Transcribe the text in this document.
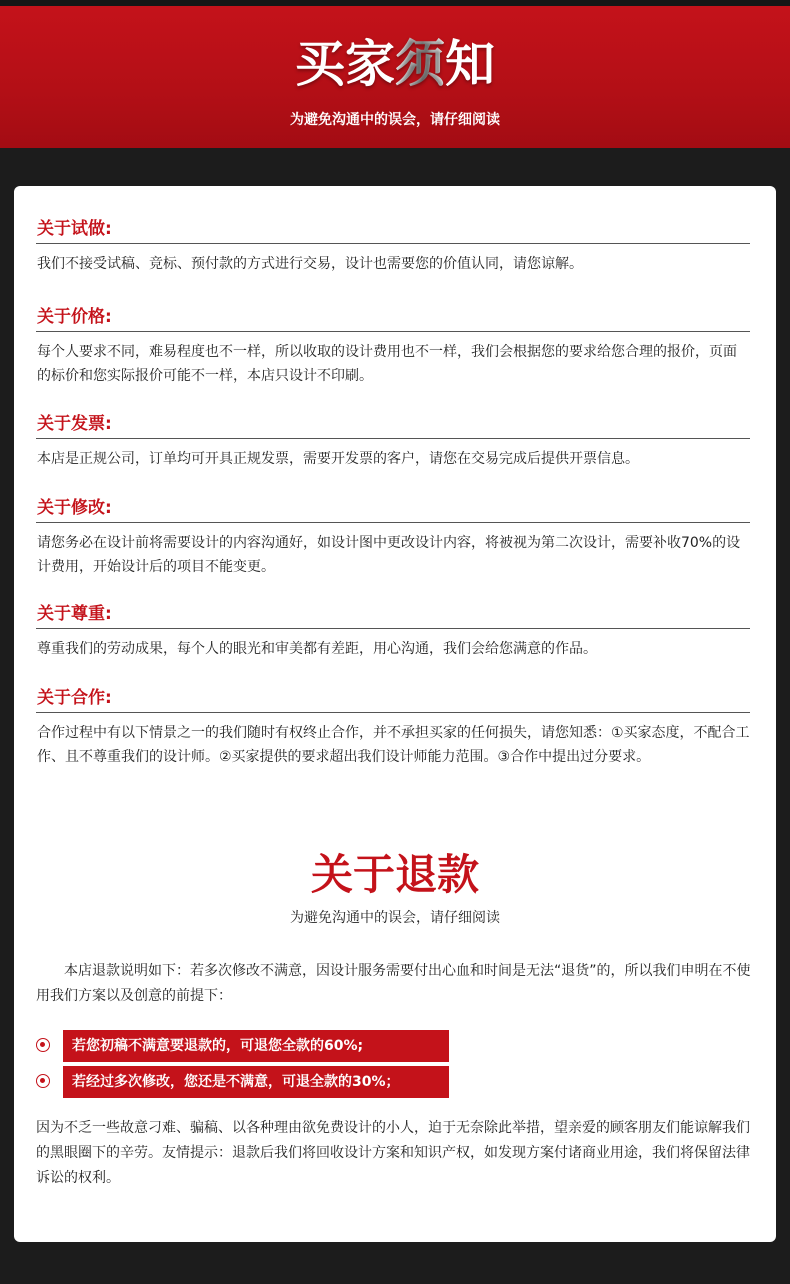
买家须知
为避免沟通中的误会，请仔细阅读
关于试做:
我们不接受试稿、竞标、预付款的方式进行交易，设计也需要您的价值认同，请您谅解。
关于价格:
每个人要求不同，难易程度也不一样，所以收取的设计费用也不一样，我们会根据您的要求给您合理的报价，页面的标价和您实际报价可能不一样，本店只设计不印刷。
关于发票:
本店是正规公司，订单均可开具正规发票，需要开发票的客户，请您在交易完成后提供开票信息。
关于修改:
请您务必在设计前将需要设计的内容沟通好，如设计图中更改设计内容，将被视为第二次设计，需要补收70%的设计费用，开始设计后的项目不能变更。
关于尊重:
尊重我们的劳动成果，每个人的眼光和审美都有差距，用心沟通，我们会给您满意的作品。
关于合作:
合作过程中有以下情景之一的我们随时有权终止合作，并不承担买家的任何损失，请您知悉：①买家态度，不配合工作、且不尊重我们的设计师。②买家提供的要求超出我们设计师能力范围。③合作中提出过分要求。
关于退款
为避免沟通中的误会，请仔细阅读
本店退款说明如下：若多次修改不满意，因设计服务需要付出心血和时间是无法“退货”的，所以我们申明在不使用我们方案以及创意的前提下：
若您初稿不满意要退款的，可退您全款的60%;
若经过多次修改，您还是不满意，可退全款的30%；
因为不乏一些故意刁难、骗稿、以各种理由欲免费设计的小人，迫于无奈除此举措，望亲爱的顾客朋友们能谅解我们的黑眼圈下的辛劳。友情提示：退款后我们将回收设计方案和知识产权，如发现方案付诸商业用途，我们将保留法律诉讼的权利。
